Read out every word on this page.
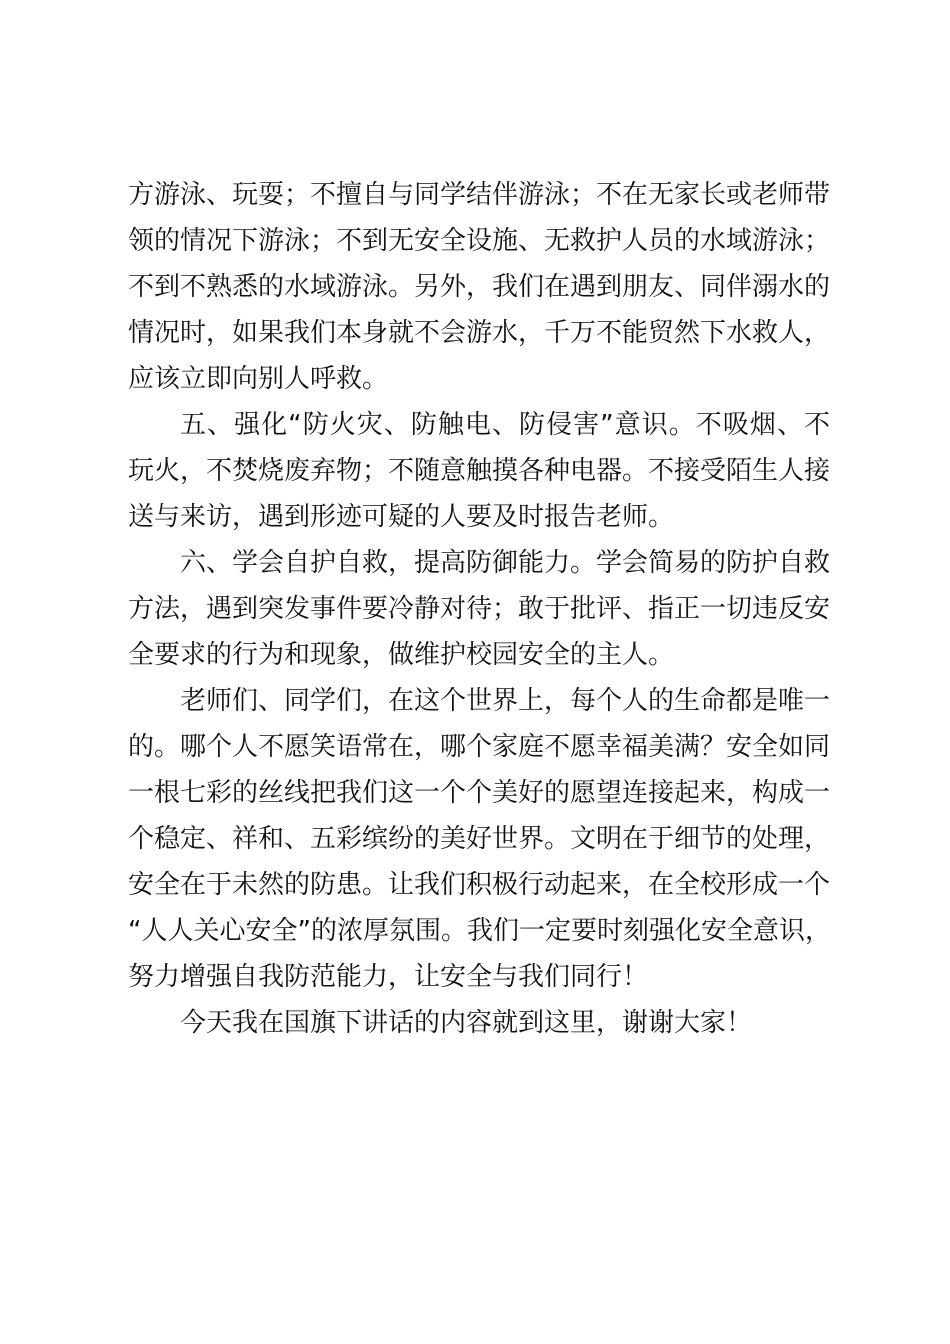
方游泳、玩耍；不擅自与同学结伴游泳；不在无家长或老师带
领的情况下游泳；不到无安全设施、无救护人员的水域游泳；
不到不熟悉的水域游泳。另外，我们在遇到朋友、同伴溺水的
情况时，如果我们本身就不会游水，千万不能贸然下水救人，
应该立即向别人呼救。
五、强化“防火灾、防触电、防侵害”意识。不吸烟、不
玩火，不焚烧废弃物；不随意触摸各种电器。不接受陌生人接
送与来访，遇到形迹可疑的人要及时报告老师。
六、学会自护自救，提高防御能力。学会简易的防护自救
方法，遇到突发事件要冷静对待；敢于批评、指正一切违反安
全要求的行为和现象，做维护校园安全的主人。
老师们、同学们，在这个世界上，每个人的生命都是唯一
的。哪个人不愿笑语常在，哪个家庭不愿幸福美满？安全如同
一根七彩的丝线把我们这一个个美好的愿望连接起来，构成一
个稳定、祥和、五彩缤纷的美好世界。文明在于细节的处理，
安全在于未然的防患。让我们积极行动起来，在全校形成一个
“人人关心安全”的浓厚氛围。我们一定要时刻强化安全意识，
努力增强自我防范能力，让安全与我们同行！
今天我在国旗下讲话的内容就到这里，谢谢大家！
